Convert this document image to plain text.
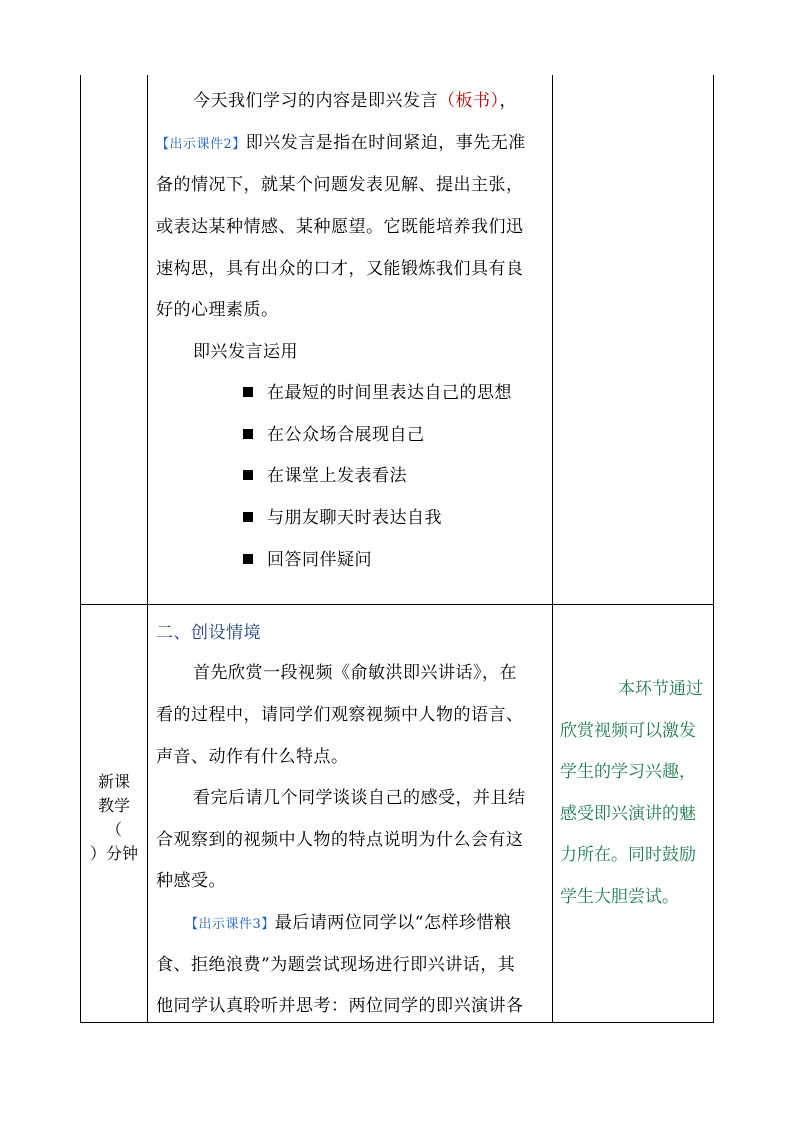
今天我们学习的内容是即兴发言（板书），
【出示课件2】即兴发言是指在时间紧迫，事先无准
备的情况下，就某个问题发表见解、提出主张，
或表达某种情感、某种愿望。它既能培养我们迅
速构思，具有出众的口才，又能锻炼我们具有良
好的心理素质。
即兴发言运用
在最短的时间里表达自己的思想
在公众场合展现自己
在课堂上发表看法
与朋友聊天时表达自我
回答同伴疑问
新课
教学
（
）分钟
二、创设情境
首先欣赏一段视频《俞敏洪即兴讲话》，在
看的过程中，请同学们观察视频中人物的语言、
声音、动作有什么特点。
看完后请几个同学谈谈自己的感受，并且结
合观察到的视频中人物的特点说明为什么会有这
种感受。
【出示课件3】最后请两位同学以“怎样珍惜粮
食、拒绝浪费”为题尝试现场进行即兴讲话，其
他同学认真聆听并思考：两位同学的即兴演讲各
本环节通过
欣赏视频可以激发
学生的学习兴趣，
感受即兴演讲的魅
力所在。同时鼓励
学生大胆尝试。
